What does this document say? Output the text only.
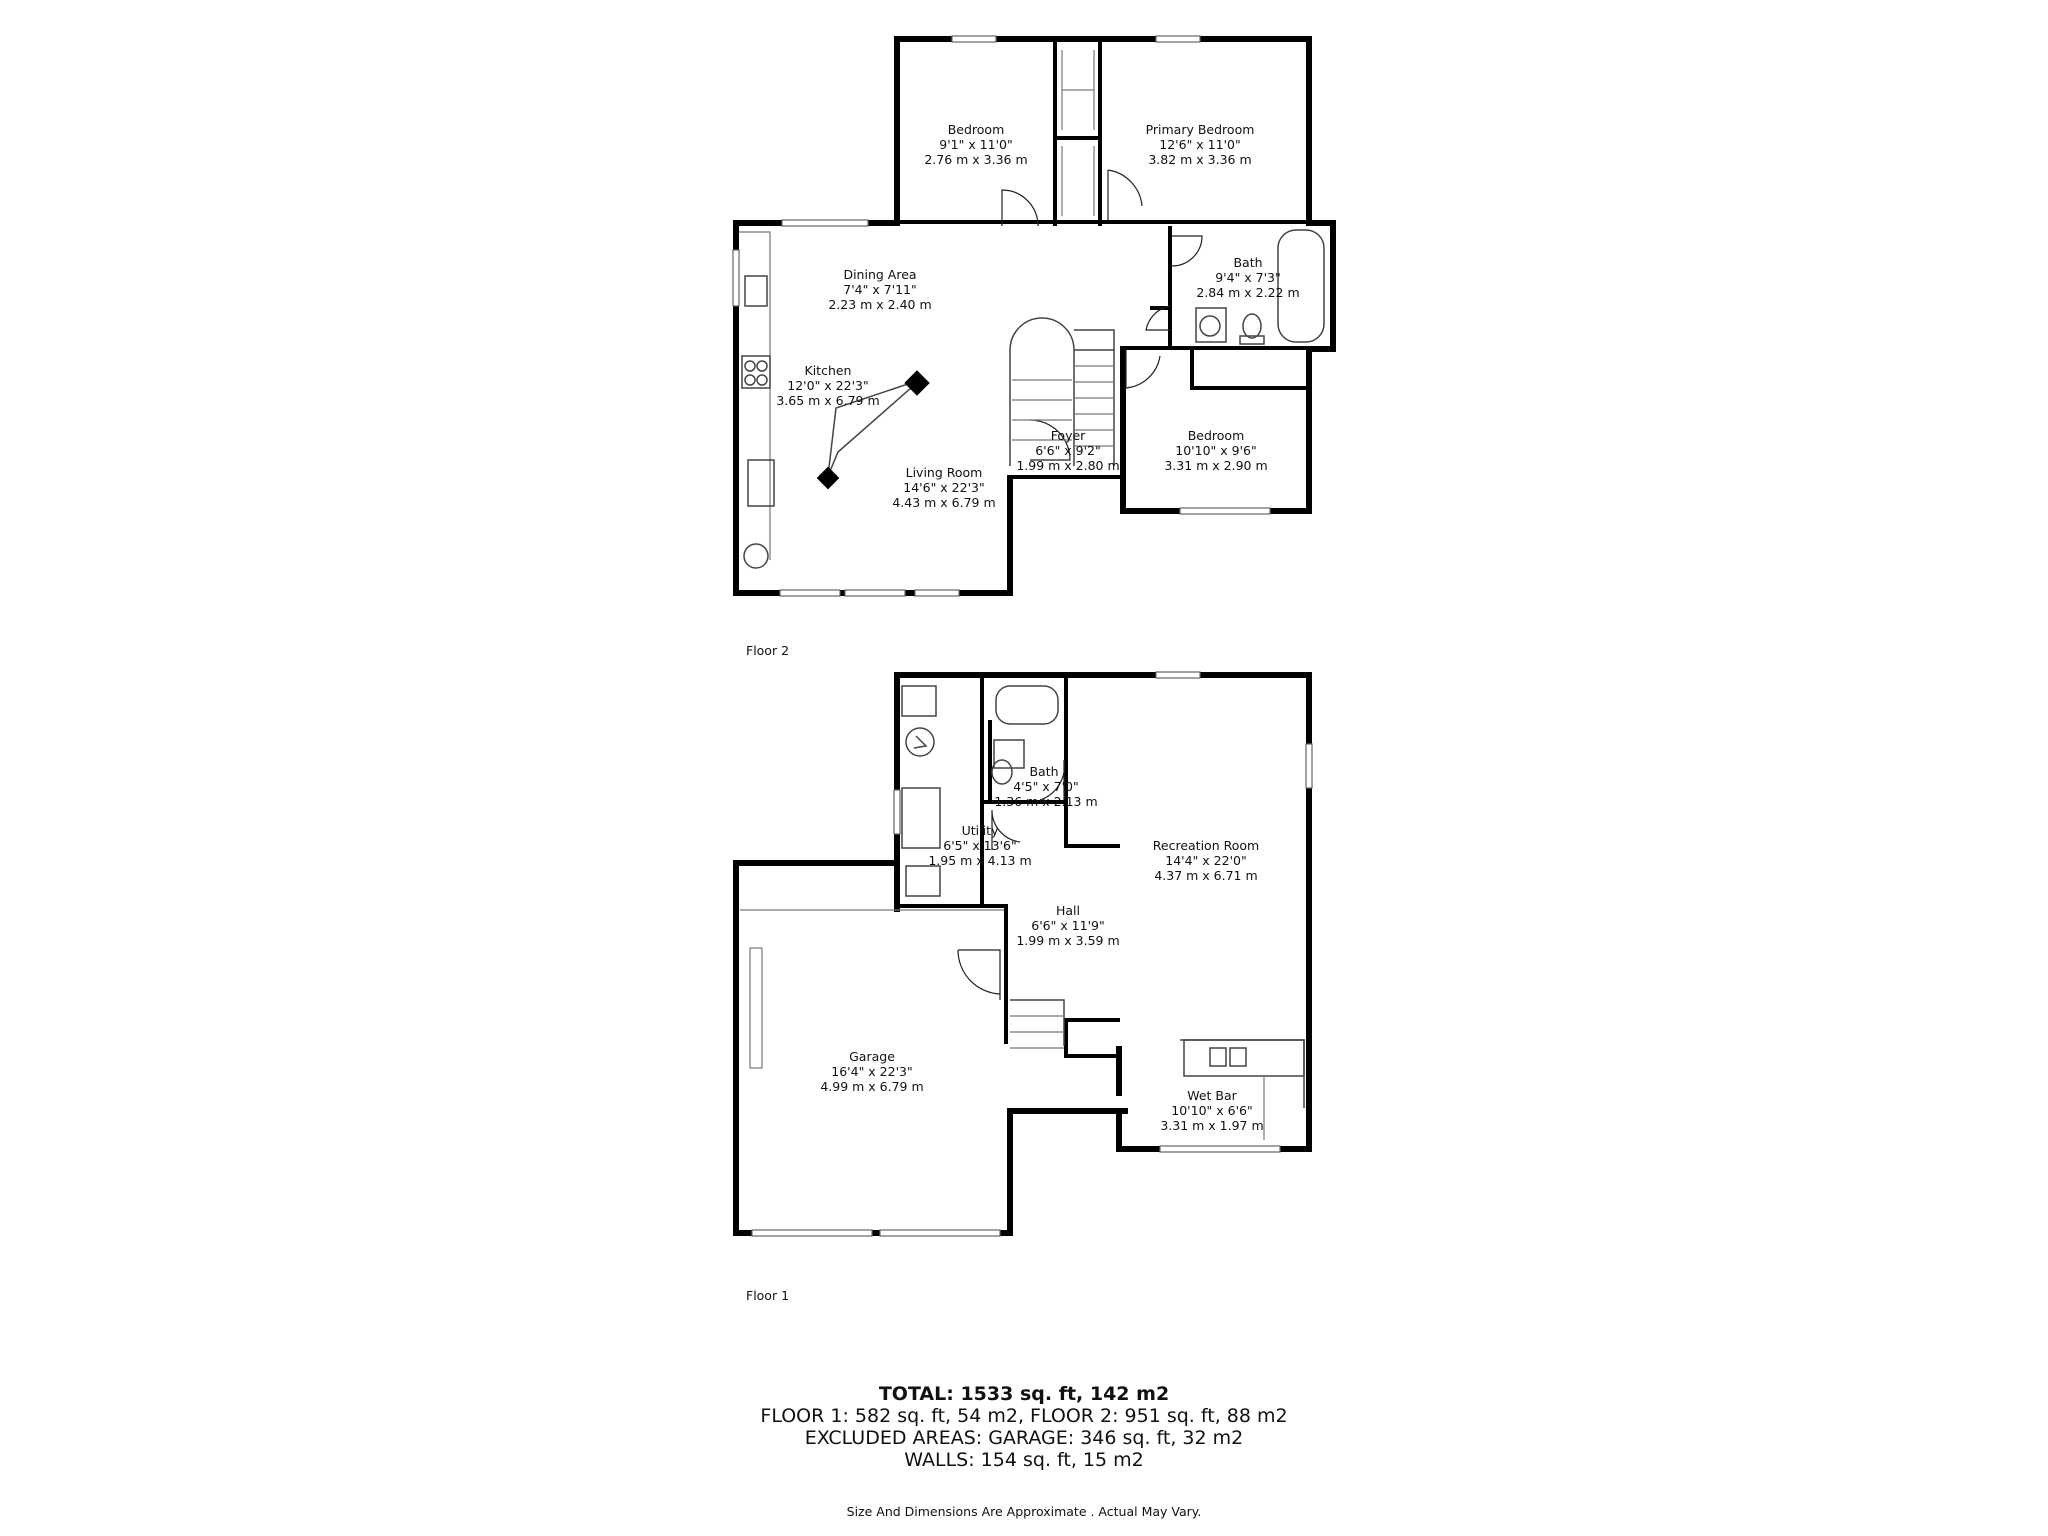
Bedroom
9'1" x 11'0"
2.76 m x 3.36 m
Primary Bedroom
12'6" x 11'0"
3.82 m x 3.36 m
Dining Area
7'4" x 7'11"
2.23 m x 2.40 m
Bath
9'4" x 7'3"
2.84 m x 2.22 m
Kitchen
12'0" x 22'3"
3.65 m x 6.79 m
Foyer
6'6" x 9'2"
1.99 m x 2.80 m
Living Room
14'6" x 22'3"
4.43 m x 6.79 m
Bedroom
10'10" x 9'6"
3.31 m x 2.90 m
Bath
4'5" x 7'0"
1.36 m x 2.13 m
Utility
6'5" x 13'6"
1.95 m x 4.13 m
Recreation Room
14'4" x 22'0"
4.37 m x 6.71 m
Hall
6'6" x 11'9"
1.99 m x 3.59 m
Garage
16'4" x 22'3"
4.99 m x 6.79 m
Wet Bar
10'10" x 6'6"
3.31 m x 1.97 m
Floor 2
Floor 1
TOTAL: 1533 sq. ft, 142 m2
FLOOR 1: 582 sq. ft, 54 m2, FLOOR 2: 951 sq. ft, 88 m2
EXCLUDED AREAS: GARAGE: 346 sq. ft, 32 m2
WALLS: 154 sq. ft, 15 m2
Size And Dimensions Are Approximate . Actual May Vary.
